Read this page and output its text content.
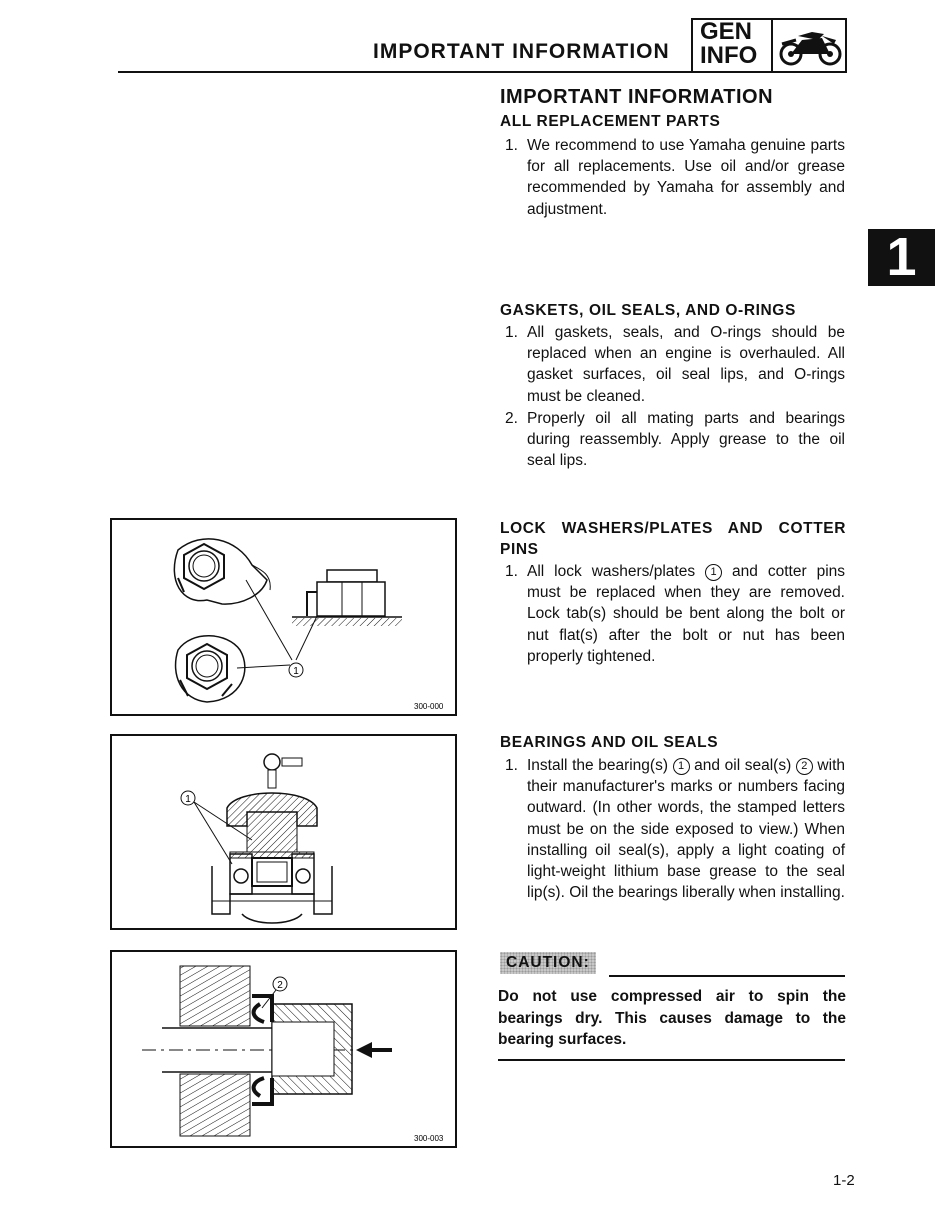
IMPORTANT INFORMATION
GEN
INFO
1
IMPORTANT INFORMATION
ALL REPLACEMENT PARTS
1. We recommend to use Yamaha genuine parts for all replacements. Use oil and/or grease recommended by Yamaha for assembly and adjustment.
GASKETS, OIL SEALS, AND O-RINGS
1. All gaskets, seals, and O-rings should be replaced when an engine is overhauled. All gasket surfaces, oil seal lips, and O-rings must be cleaned.
2. Properly oil all mating parts and bearings during reassembly. Apply grease to the oil seal lips.
LOCK WASHERS/PLATES AND COTTER PINS
1. All lock washers/plates 1 and cotter pins must be replaced when they are removed. Lock tab(s) should be bent along the bolt or nut flat(s) after the bolt or nut has been properly tightened.
BEARINGS AND OIL SEALS
1. Install the bearing(s) 1 and oil seal(s) 2 with their manufacturer's marks or numbers facing outward. (In other words, the stamped letters must be on the side exposed to view.) When installing oil seal(s), apply a light coating of light-weight lithium base grease to the seal lip(s). Oil the bearings liberally when installing.
CAUTION:
Do not use compressed air to spin the bearings dry. This causes damage to the bearing surfaces.
1
300-000
1
2
300-003
1-2
